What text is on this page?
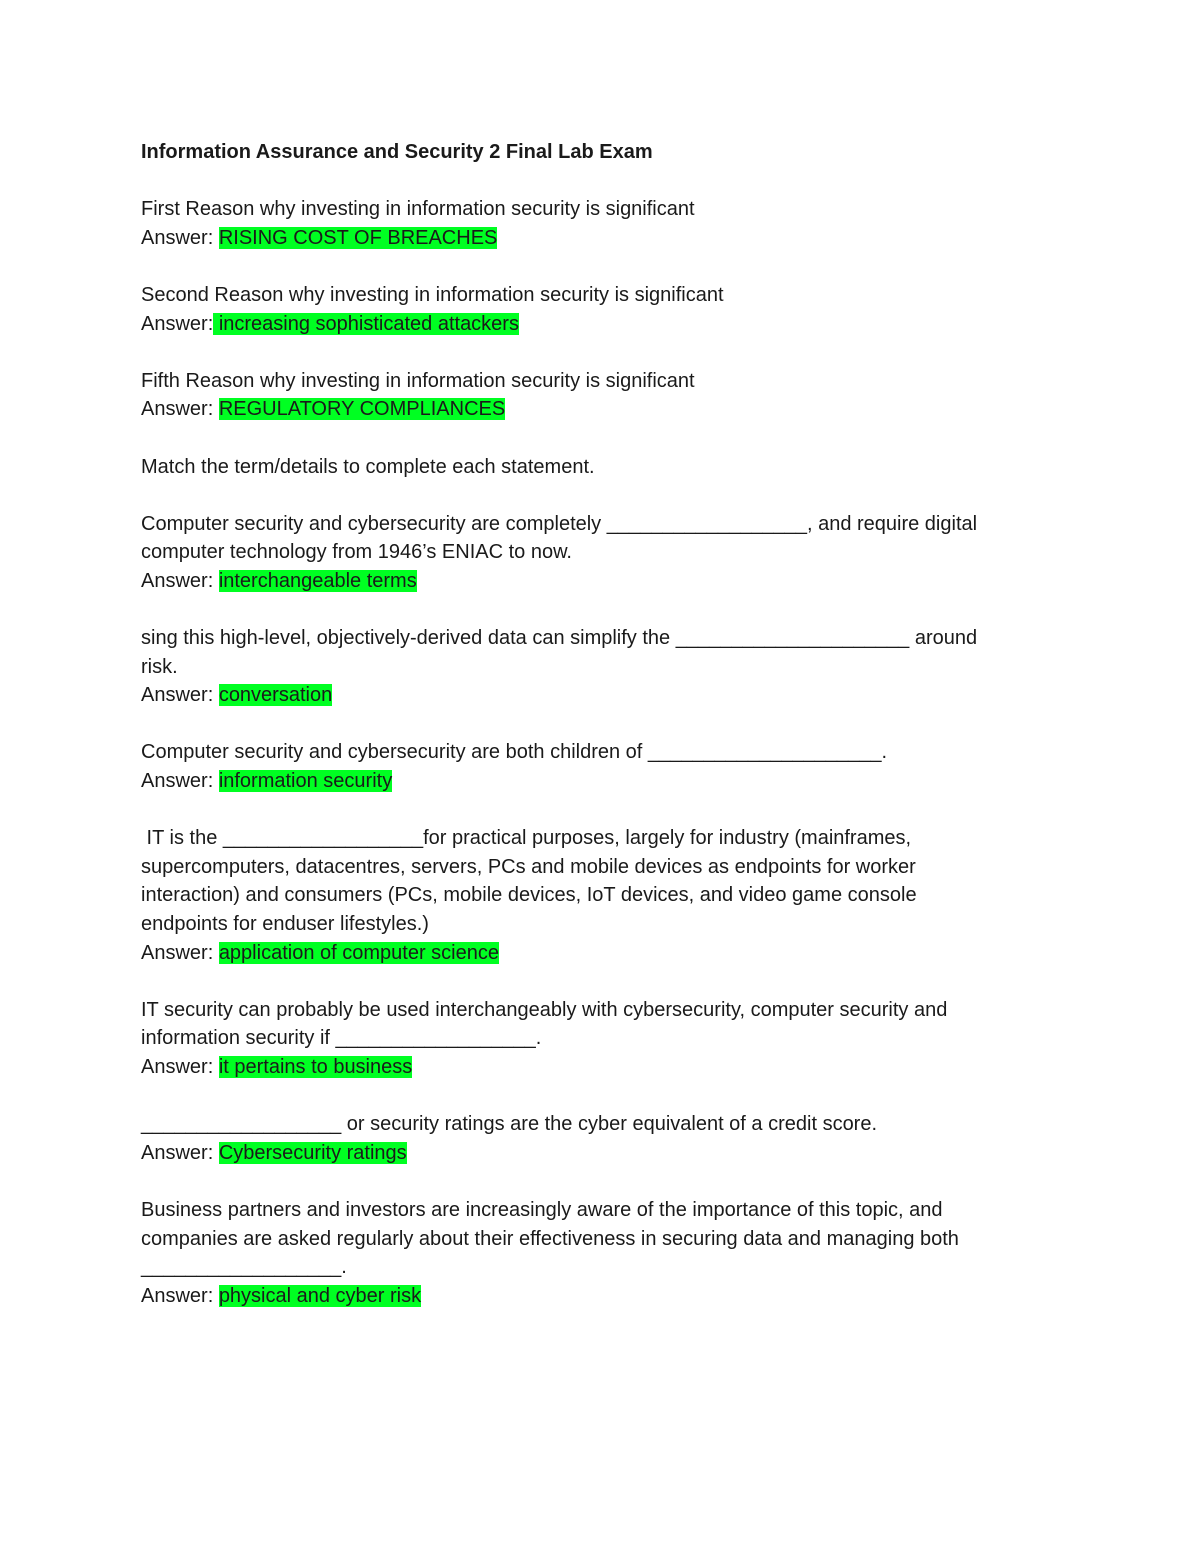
Information Assurance and Security 2 Final Lab Exam
First Reason why investing in information security is significant
Answer: RISING COST OF BREACHES
Second Reason why investing in information security is significant
Answer: increasing sophisticated attackers
Fifth Reason why investing in information security is significant
Answer: REGULATORY COMPLIANCES
Match the term/details to complete each statement.
Computer security and cybersecurity are completely __________________, and require digital
computer technology from 1946’s ENIAC to now.
Answer: interchangeable terms
sing this high-level, objectively-derived data can simplify the _____________________ around
risk.
Answer: conversation
Computer security and cybersecurity are both children of _____________________.
Answer: information security
IT is the __________________for practical purposes, largely for industry (mainframes,
supercomputers, datacentres, servers, PCs and mobile devices as endpoints for worker
interaction) and consumers (PCs, mobile devices, IoT devices, and video game console
endpoints for enduser lifestyles.)
Answer: application of computer science
IT security can probably be used interchangeably with cybersecurity, computer security and
information security if __________________.
Answer: it pertains to business
__________________ or security ratings are the cyber equivalent of a credit score.
Answer: Cybersecurity ratings
Business partners and investors are increasingly aware of the importance of this topic, and
companies are asked regularly about their effectiveness in securing data and managing both
__________________.
Answer: physical and cyber risk
